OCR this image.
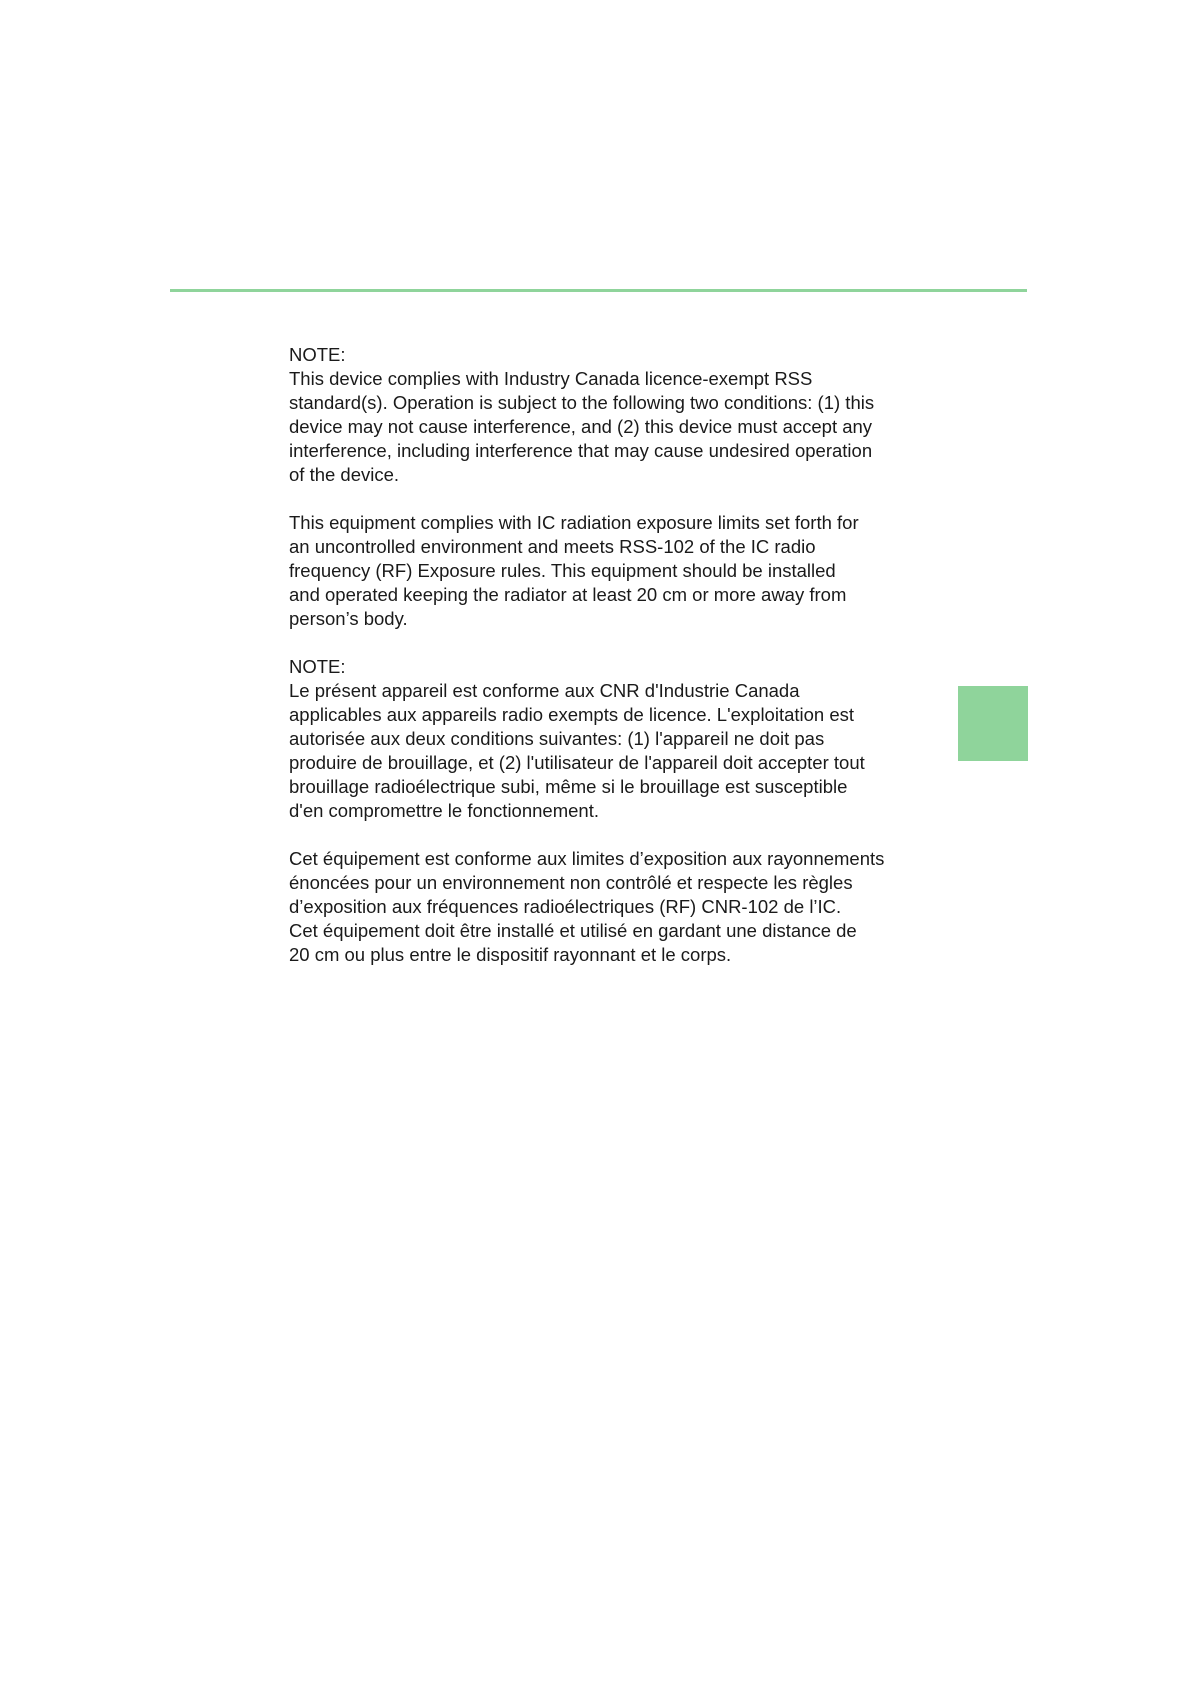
NOTE:

This device complies with Industry Canada licence-exempt RSS
standard(s). Operation is subject to the following two conditions: (1) this
device may not cause interference, and (2) this device must accept any
interference, including interference that may cause undesired operation
of the device.

This equipment complies with IC radiation exposure limits set forth for
an uncontrolled environment and meets RSS-102 of the IC radio
frequency (RF) Exposure rules. This equipment should be installed
and operated keeping the radiator at least 20 cm or more away from
person’s body.

NOTE:

Le présent appareil est conforme aux CNR d'Industrie Canada
applicables aux appareils radio exempts de licence. L'exploitation est
autorisée aux deux conditions suivantes: (1) l'appareil ne doit pas
produire de brouillage, et (2) l'utilisateur de l'appareil doit accepter tout
brouillage radioélectrique subi, même si le brouillage est susceptible
d'en compromettre le fonctionnement.

Cet équipement est conforme aux limites d’exposition aux rayonnements
énoncées pour un environnement non contrôlé et respecte les règles
d’exposition aux fréquences radioélectriques (RF) CNR-102 de l’IC.
Cet équipement doit être installé et utilisé en gardant une distance de
20 cm ou plus entre le dispositif rayonnant et le corps.
